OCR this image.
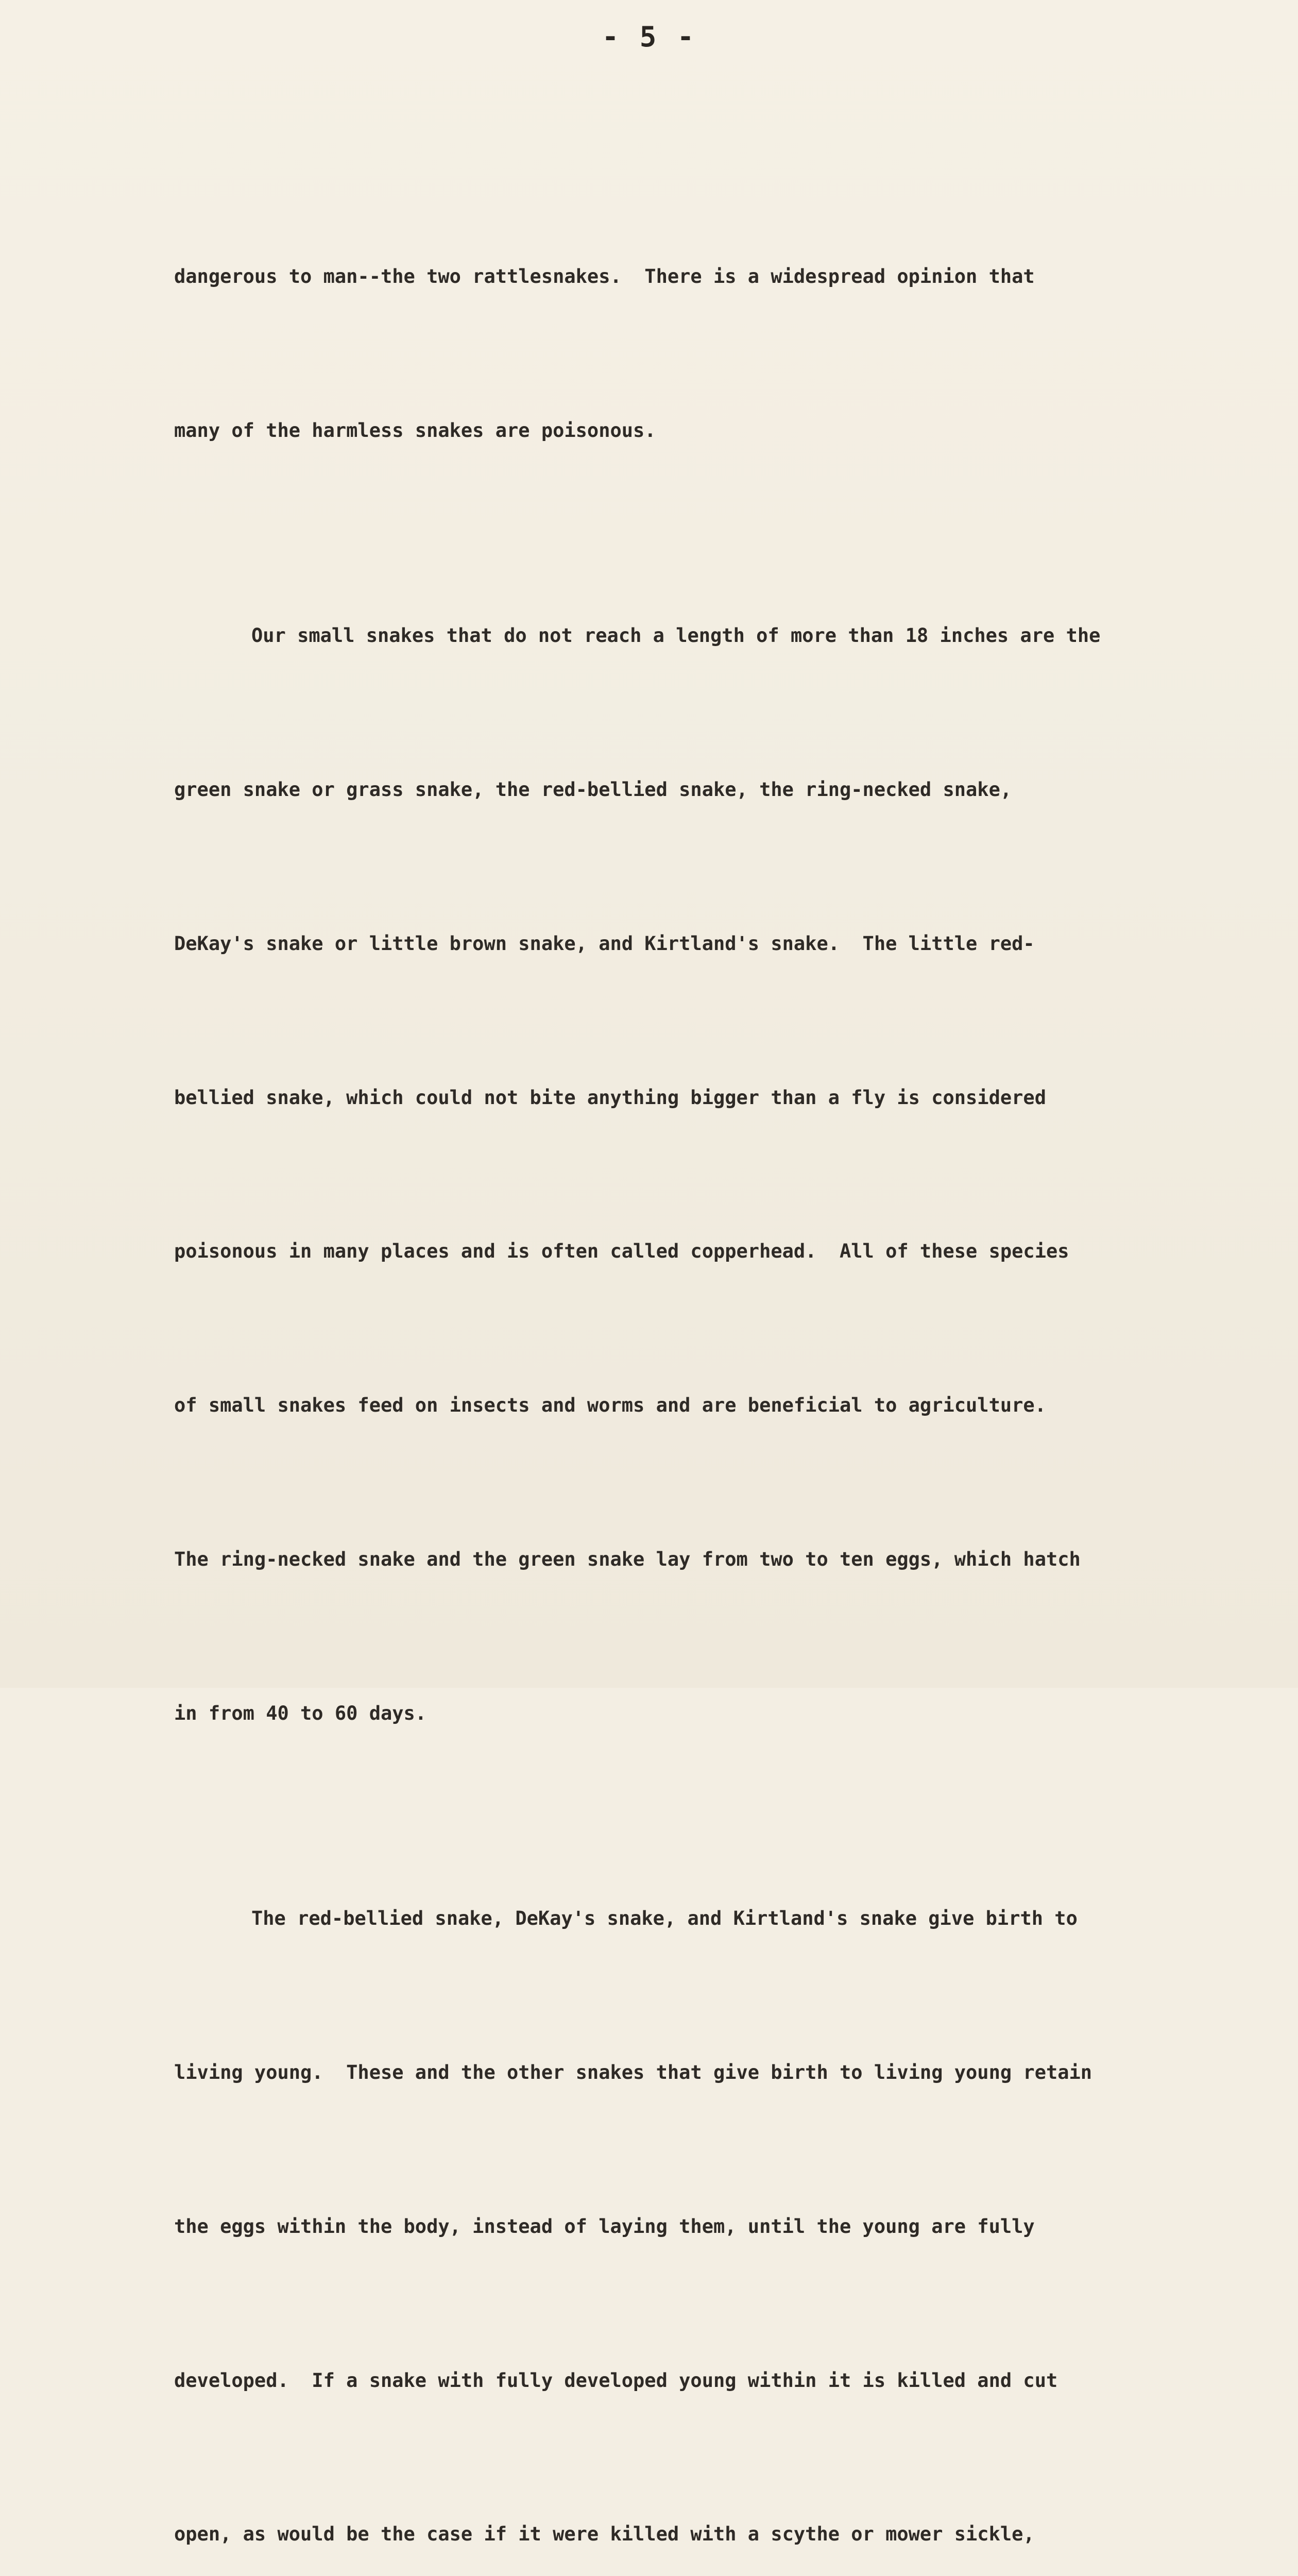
- 5 -

dangerous to man--the two rattlesnakes.  There is a widespread opinion that

many of the harmless snakes are poisonous.

Our small snakes that do not reach a length of more than 18 inches are the

green snake or grass snake, the red-bellied snake, the ring-necked snake,

DeKay's snake or little brown snake, and Kirtland's snake.  The little red-

bellied snake, which could not bite anything bigger than a fly is considered

poisonous in many places and is often called copperhead.  All of these species

of small snakes feed on insects and worms and are beneficial to agriculture.

The ring-necked snake and the green snake lay from two to ten eggs, which hatch

in from 40 to 60 days.

The red-bellied snake, DeKay's snake, and Kirtland's snake give birth to

living young.  These and the other snakes that give birth to living young retain

the eggs within the body, instead of laying them, until the young are fully

developed.  If a snake with fully developed young within it is killed and cut

open, as would be the case if it were killed with a scythe or mower sickle,
